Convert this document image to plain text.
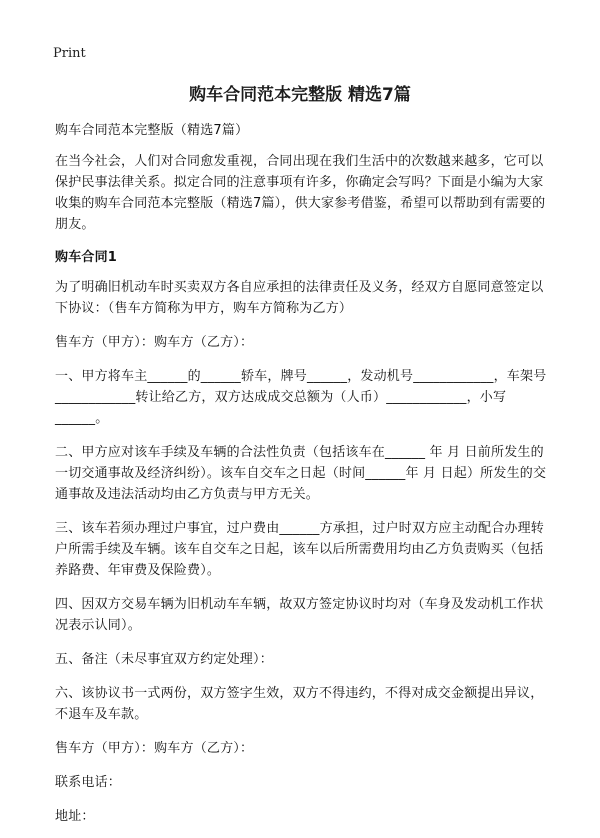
Print
购车合同范本完整版 精选7篇

购车合同范本完整版（精选7篇）

在当今社会，人们对合同愈发重视，合同出现在我们生活中的次数越来越多，它可以保护民事法律关系。拟定合同的注意事项有许多，你确定会写吗？下面是小编为大家收集的购车合同范本完整版（精选7篇），供大家参考借鉴，希望可以帮助到有需要的朋友。

购车合同1

为了明确旧机动车时买卖双方各自应承担的法律责任及义务，经双方自愿同意签定以下协议：（售车方简称为甲方，购车方简称为乙方）

售车方（甲方）：购车方（乙方）：

一、甲方将车主______的______轿车，牌号______，发动机号____________，车架号____________转让给乙方，双方达成成交总额为（人币）____________，小写______。

二、甲方应对该车手续及车辆的合法性负责（包括该车在______ 年 月 日前所发生的一切交通事故及经济纠纷）。该车自交车之日起（时间______年 月 日起）所发生的交通事故及违法活动均由乙方负责与甲方无关。

三、该车若须办理过户事宜，过户费由______方承担，过户时双方应主动配合办理转户所需手续及车辆。该车自交车之日起，该车以后所需费用均由乙方负责购买（包括养路费、年审费及保险费）。

四、因双方交易车辆为旧机动车车辆，故双方签定协议时均对（车身及发动机工作状况表示认同）。

五、备注（未尽事宜双方约定处理）：

六、该协议书一式两份，双方签字生效，双方不得违约，不得对成交金额提出异议，不退车及车款。

售车方（甲方）：购车方（乙方）：

联系电话：

地址：
